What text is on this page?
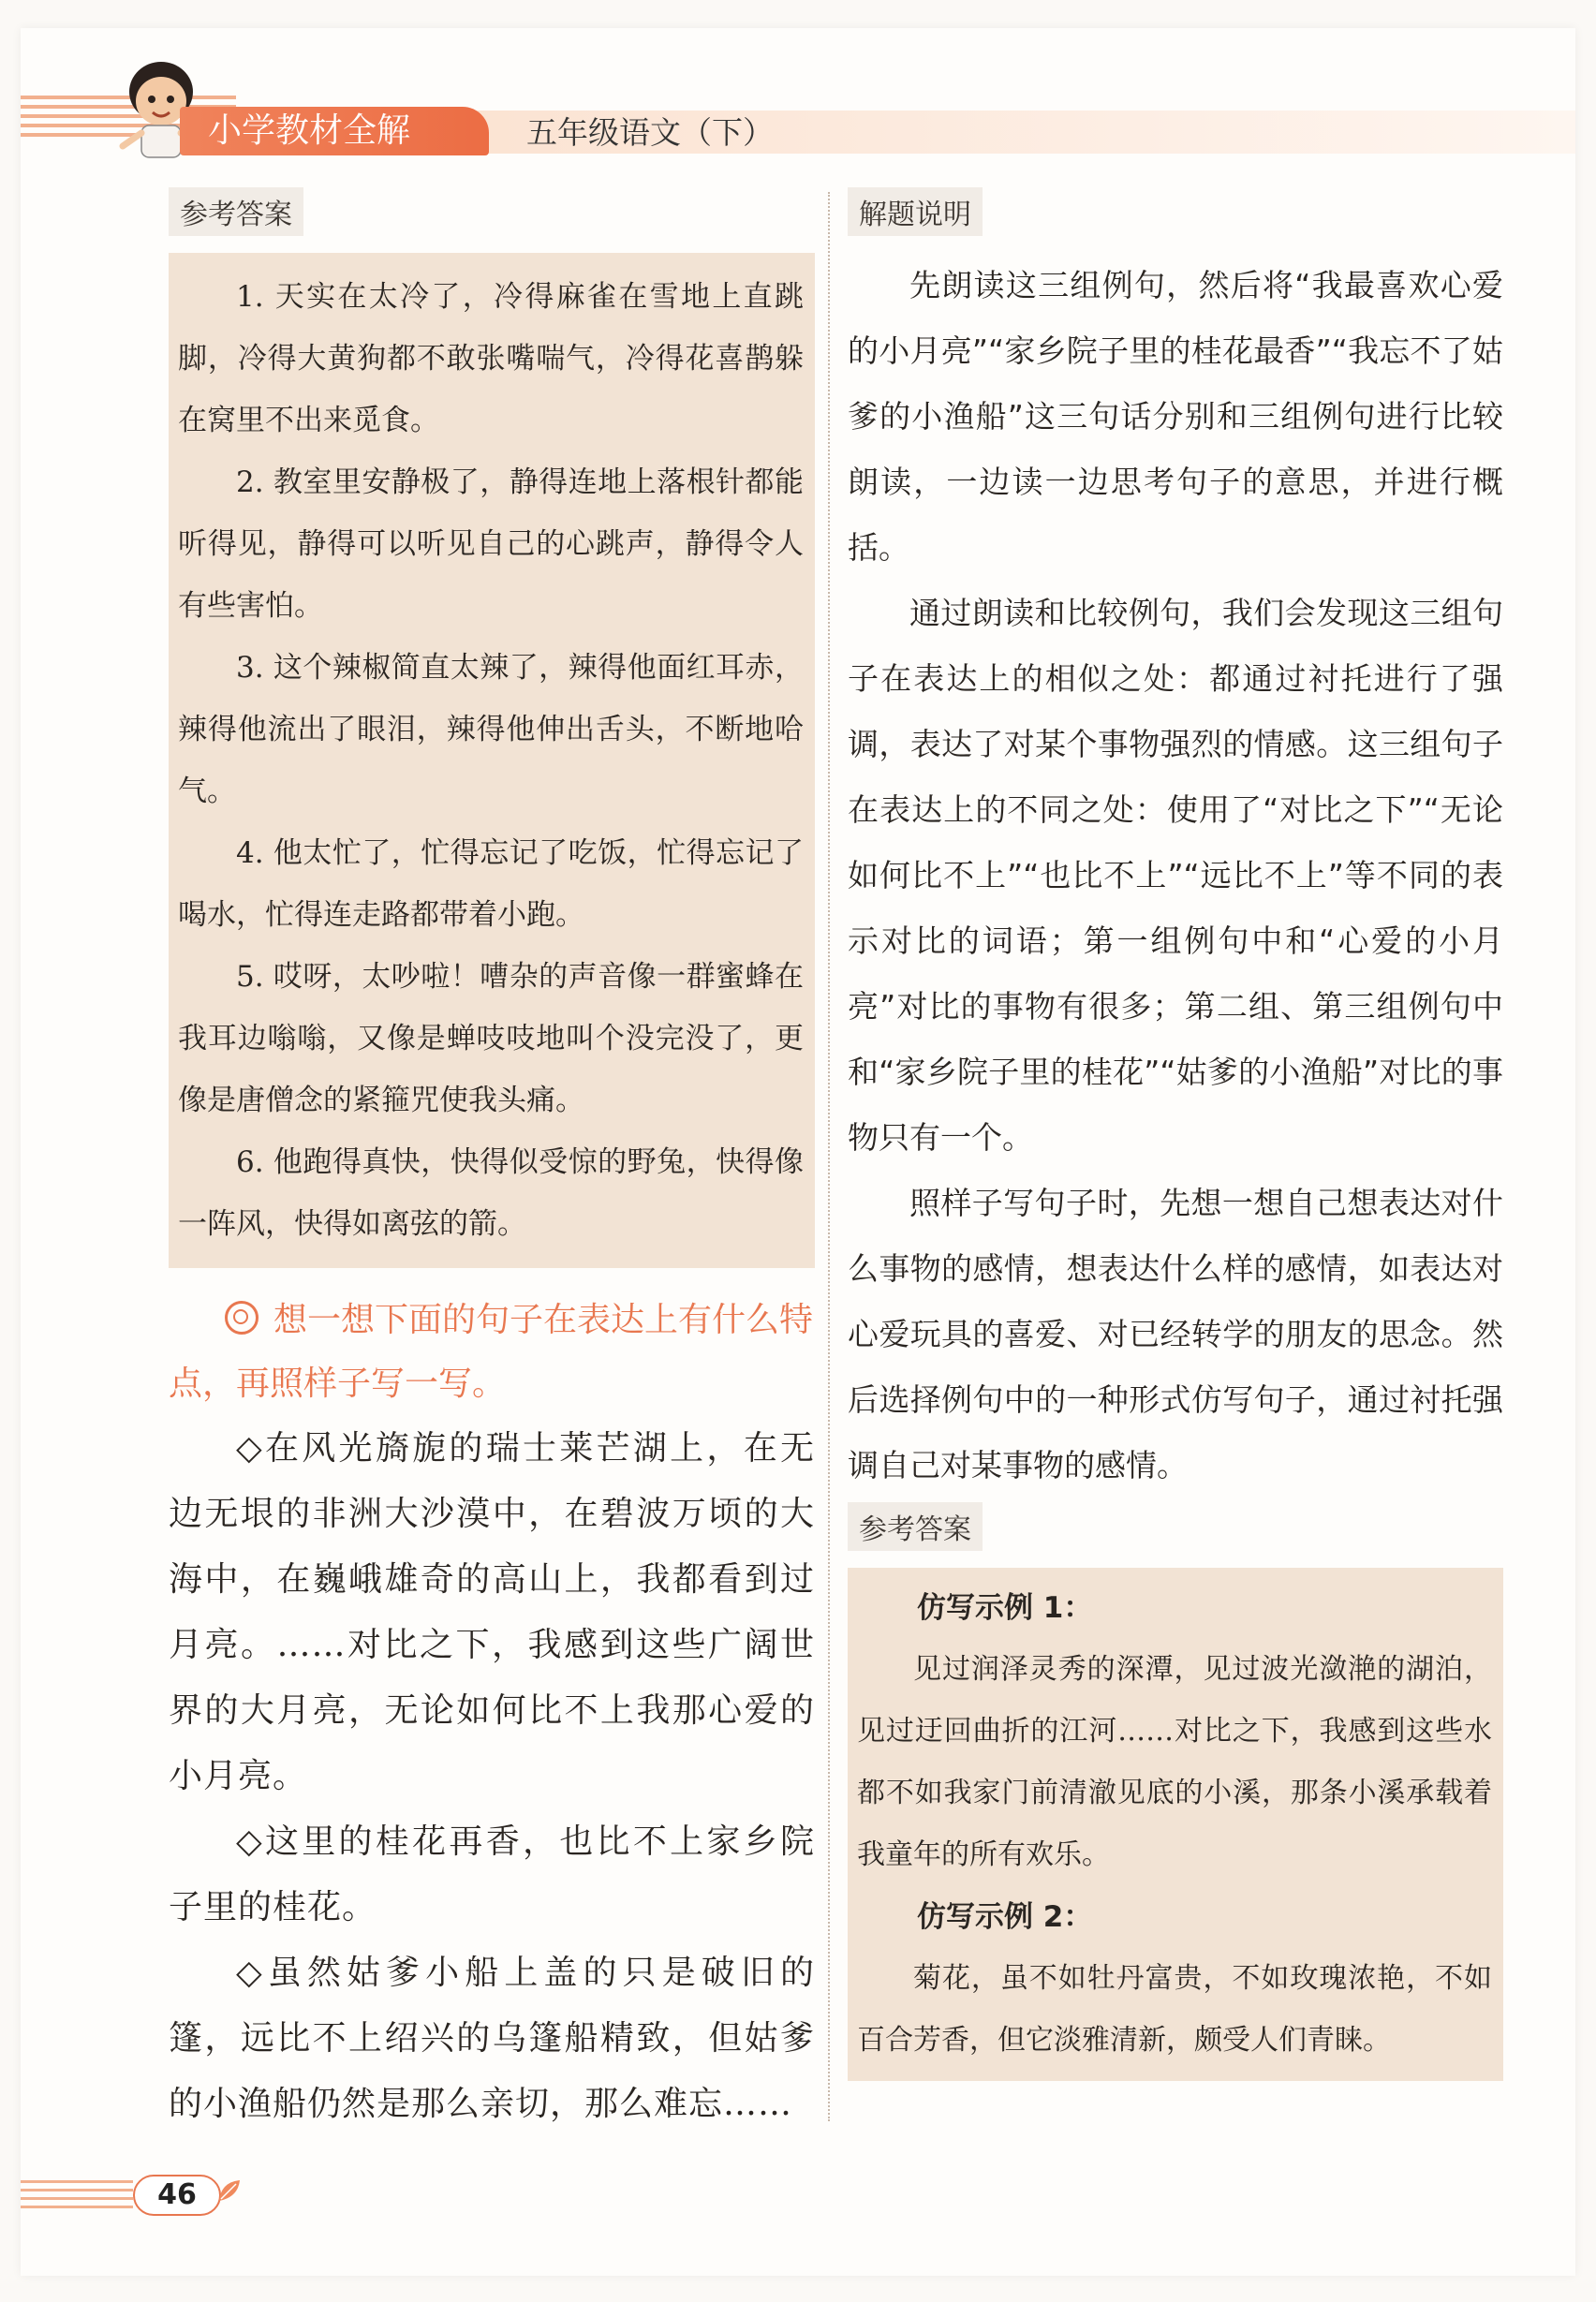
小学教材全解	五年级语文（下）
参考答案

1. 天实在太冷了，冷得麻雀在雪地上直跳脚，冷得大黄狗都不敢张嘴喘气，冷得花喜鹊躲在窝里不出来觅食。

2. 教室里安静极了，静得连地上落根针都能听得见，静得可以听见自己的心跳声，静得令人有些害怕。

3. 这个辣椒简直太辣了，辣得他面红耳赤，辣得他流出了眼泪，辣得他伸出舌头，不断地哈气。

4. 他太忙了，忙得忘记了吃饭，忙得忘记了喝水，忙得连走路都带着小跑。

5. 哎呀，太吵啦！嘈杂的声音像一群蜜蜂在我耳边嗡嗡，又像是蝉吱吱地叫个没完没了，更像是唐僧念的紧箍咒使我头痛。

6. 他跑得真快，快得似受惊的野兔，快得像一阵风，快得如离弦的箭。

想一想下面的句子在表达上有什么特点，再照样子写一写。

◇在风光旖旎的瑞士莱芒湖上，在无边无垠的非洲大沙漠中，在碧波万顷的大海中，在巍峨雄奇的高山上，我都看到过月亮。……对比之下，我感到这些广阔世界的大月亮，无论如何比不上我那心爱的小月亮。

◇这里的桂花再香，也比不上家乡院子里的桂花。

◇虽然姑爹小船上盖的只是破旧的篷，远比不上绍兴的乌篷船精致，但姑爹的小渔船仍然是那么亲切，那么难忘……

解题说明

先朗读这三组例句，然后将“我最喜欢心爱的小月亮”“家乡院子里的桂花最香”“我忘不了姑爹的小渔船”这三句话分别和三组例句进行比较朗读，一边读一边思考句子的意思，并进行概括。

通过朗读和比较例句，我们会发现这三组句子在表达上的相似之处：都通过衬托进行了强调，表达了对某个事物强烈的情感。这三组句子在表达上的不同之处：使用了“对比之下”“无论如何比不上”“也比不上”“远比不上”等不同的表示对比的词语；第一组例句中和“心爱的小月亮”对比的事物有很多；第二组、第三组例句中和“家乡院子里的桂花”“姑爹的小渔船”对比的事物只有一个。

照样子写句子时，先想一想自己想表达对什么事物的感情，想表达什么样的感情，如表达对心爱玩具的喜爱、对已经转学的朋友的思念。然后选择例句中的一种形式仿写句子，通过衬托强调自己对某事物的感情。

参考答案

仿写示例 1：

见过润泽灵秀的深潭，见过波光潋滟的湖泊，见过迂回曲折的江河……对比之下，我感到这些水都不如我家门前清澈见底的小溪，那条小溪承载着我童年的所有欢乐。

仿写示例 2：

菊花，虽不如牡丹富贵，不如玫瑰浓艳，不如百合芳香，但它淡雅清新，颇受人们青睐。

46
